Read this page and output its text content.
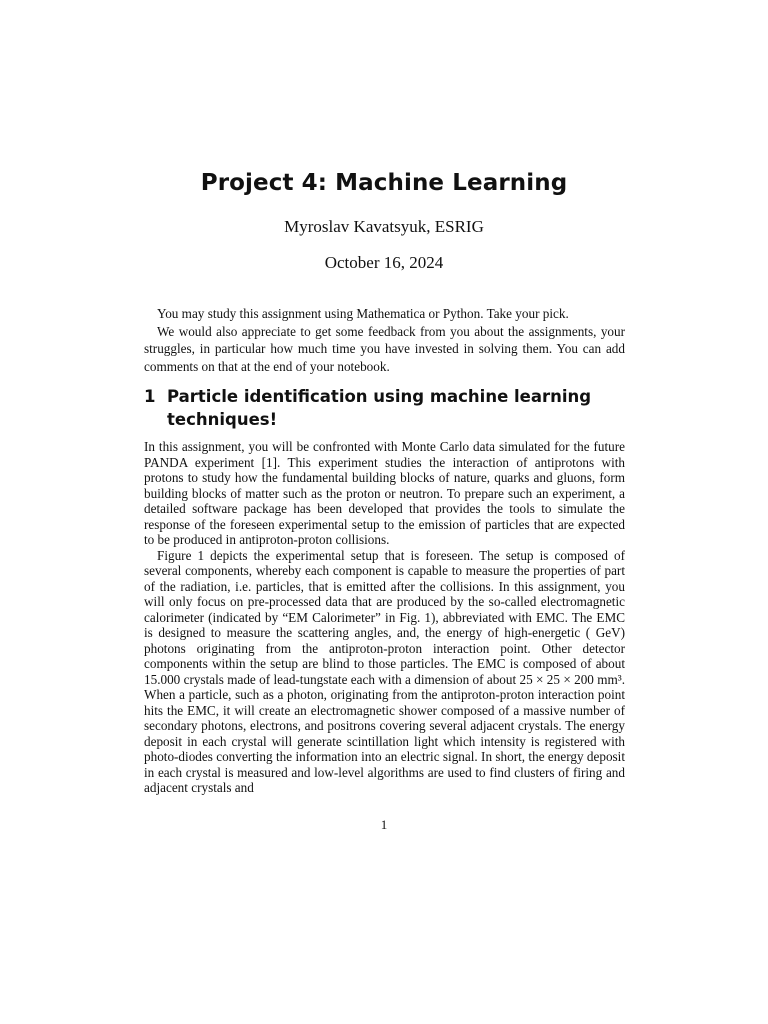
Project 4: Machine Learning
Myroslav Kavatsyuk, ESRIG
October 16, 2024

You may study this assignment using Mathematica or Python. Take your pick.

We would also appreciate to get some feedback from you about the assignments, your struggles, in particular how much time you have invested in solving them. You can add comments on that at the end of your notebook.

1 Particle identification using machine learning techniques!

In this assignment, you will be confronted with Monte Carlo data simulated for the future PANDA experiment [1]. This experiment studies the interaction of antiprotons with protons to study how the fundamental building blocks of nature, quarks and gluons, form building blocks of matter such as the proton or neutron. To prepare such an experiment, a detailed software package has been developed that provides the tools to simulate the response of the foreseen experimental setup to the emission of particles that are expected to be produced in antiproton-proton collisions.

Figure 1 depicts the experimental setup that is foreseen. The setup is composed of several components, whereby each component is capable to measure the properties of part of the radiation, i.e. particles, that is emitted after the collisions. In this assignment, you will only focus on pre-processed data that are produced by the so-called electromagnetic calorimeter (indicated by “EM Calorimeter” in Fig. 1), abbreviated with EMC. The EMC is designed to measure the scattering angles, and, the energy of high-energetic ( GeV) photons originating from the antiproton-proton interaction point. Other detector components within the setup are blind to those particles. The EMC is composed of about 15.000 crystals made of lead-tungstate each with a dimension of about 25 × 25 × 200 mm³. When a particle, such as a photon, originating from the antiproton-proton interaction point hits the EMC, it will create an electromagnetic shower composed of a massive number of secondary photons, electrons, and positrons covering several adjacent crystals. The energy deposit in each crystal will generate scintillation light which intensity is registered with photo-diodes converting the information into an electric signal. In short, the energy deposit in each crystal is measured and low-level algorithms are used to find clusters of firing and adjacent crystals and

1
